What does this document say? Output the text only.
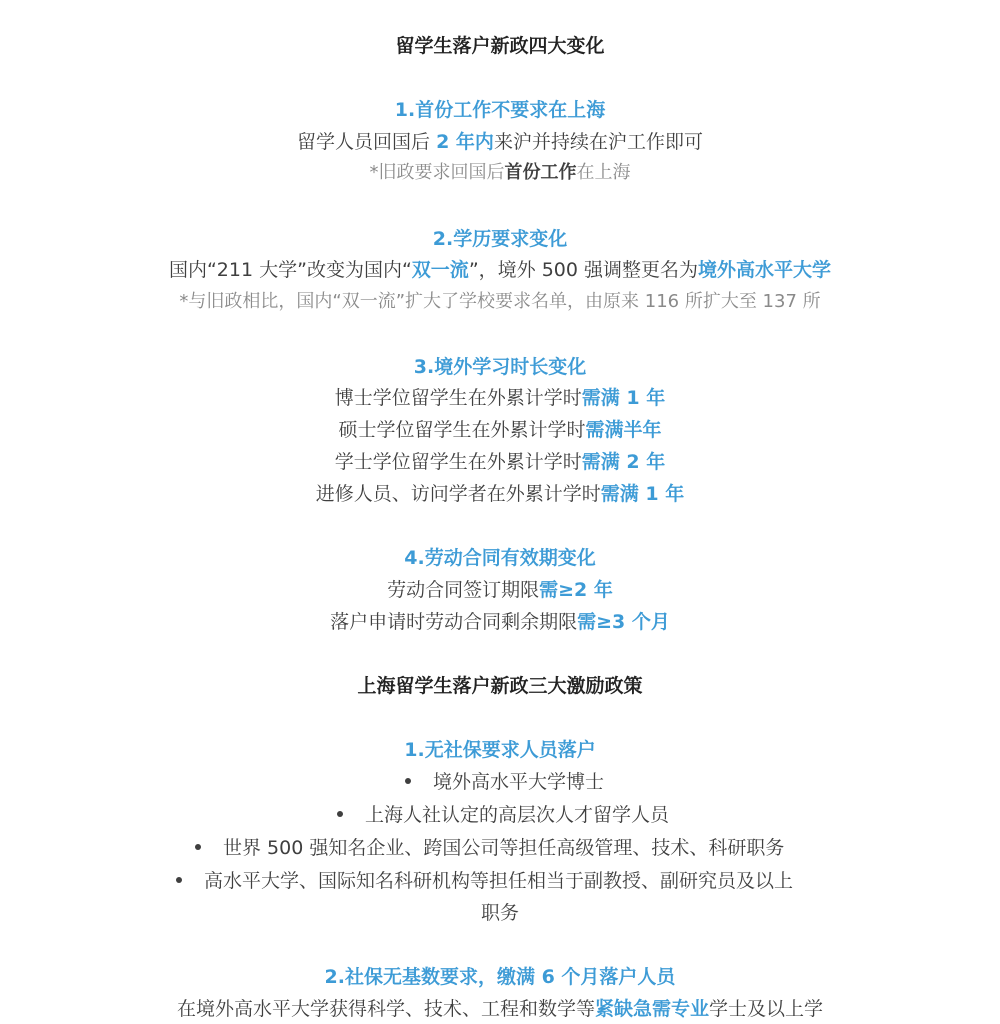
留学生落户新政四大变化
1.首份工作不要求在上海
留学人员回国后 2 年内来沪并持续在沪工作即可
*旧政要求回国后首份工作在上海
2.学历要求变化
国内“211 大学”改变为国内“双一流”，境外 500 强调整更名为境外高水平大学
*与旧政相比，国内“双一流”扩大了学校要求名单，由原来 116 所扩大至 137 所
3.境外学习时长变化
博士学位留学生在外累计学时需满 1 年
硕士学位留学生在外累计学时需满半年
学士学位留学生在外累计学时需满 2 年
进修人员、访问学者在外累计学时需满 1 年
4.劳动合同有效期变化
劳动合同签订期限需≥2 年
落户申请时劳动合同剩余期限需≥3 个月
上海留学生落户新政三大激励政策
1.无社保要求人员落户
境外高水平大学博士
上海人社认定的高层次人才留学人员
世界 500 强知名企业、跨国公司等担任高级管理、技术、科研职务
高水平大学、国际知名科研机构等担任相当于副教授、副研究员及以上
职务
2.社保无基数要求，缴满 6 个月落户人员
在境外高水平大学获得科学、技术、工程和数学等紧缺急需专业学士及以上学
